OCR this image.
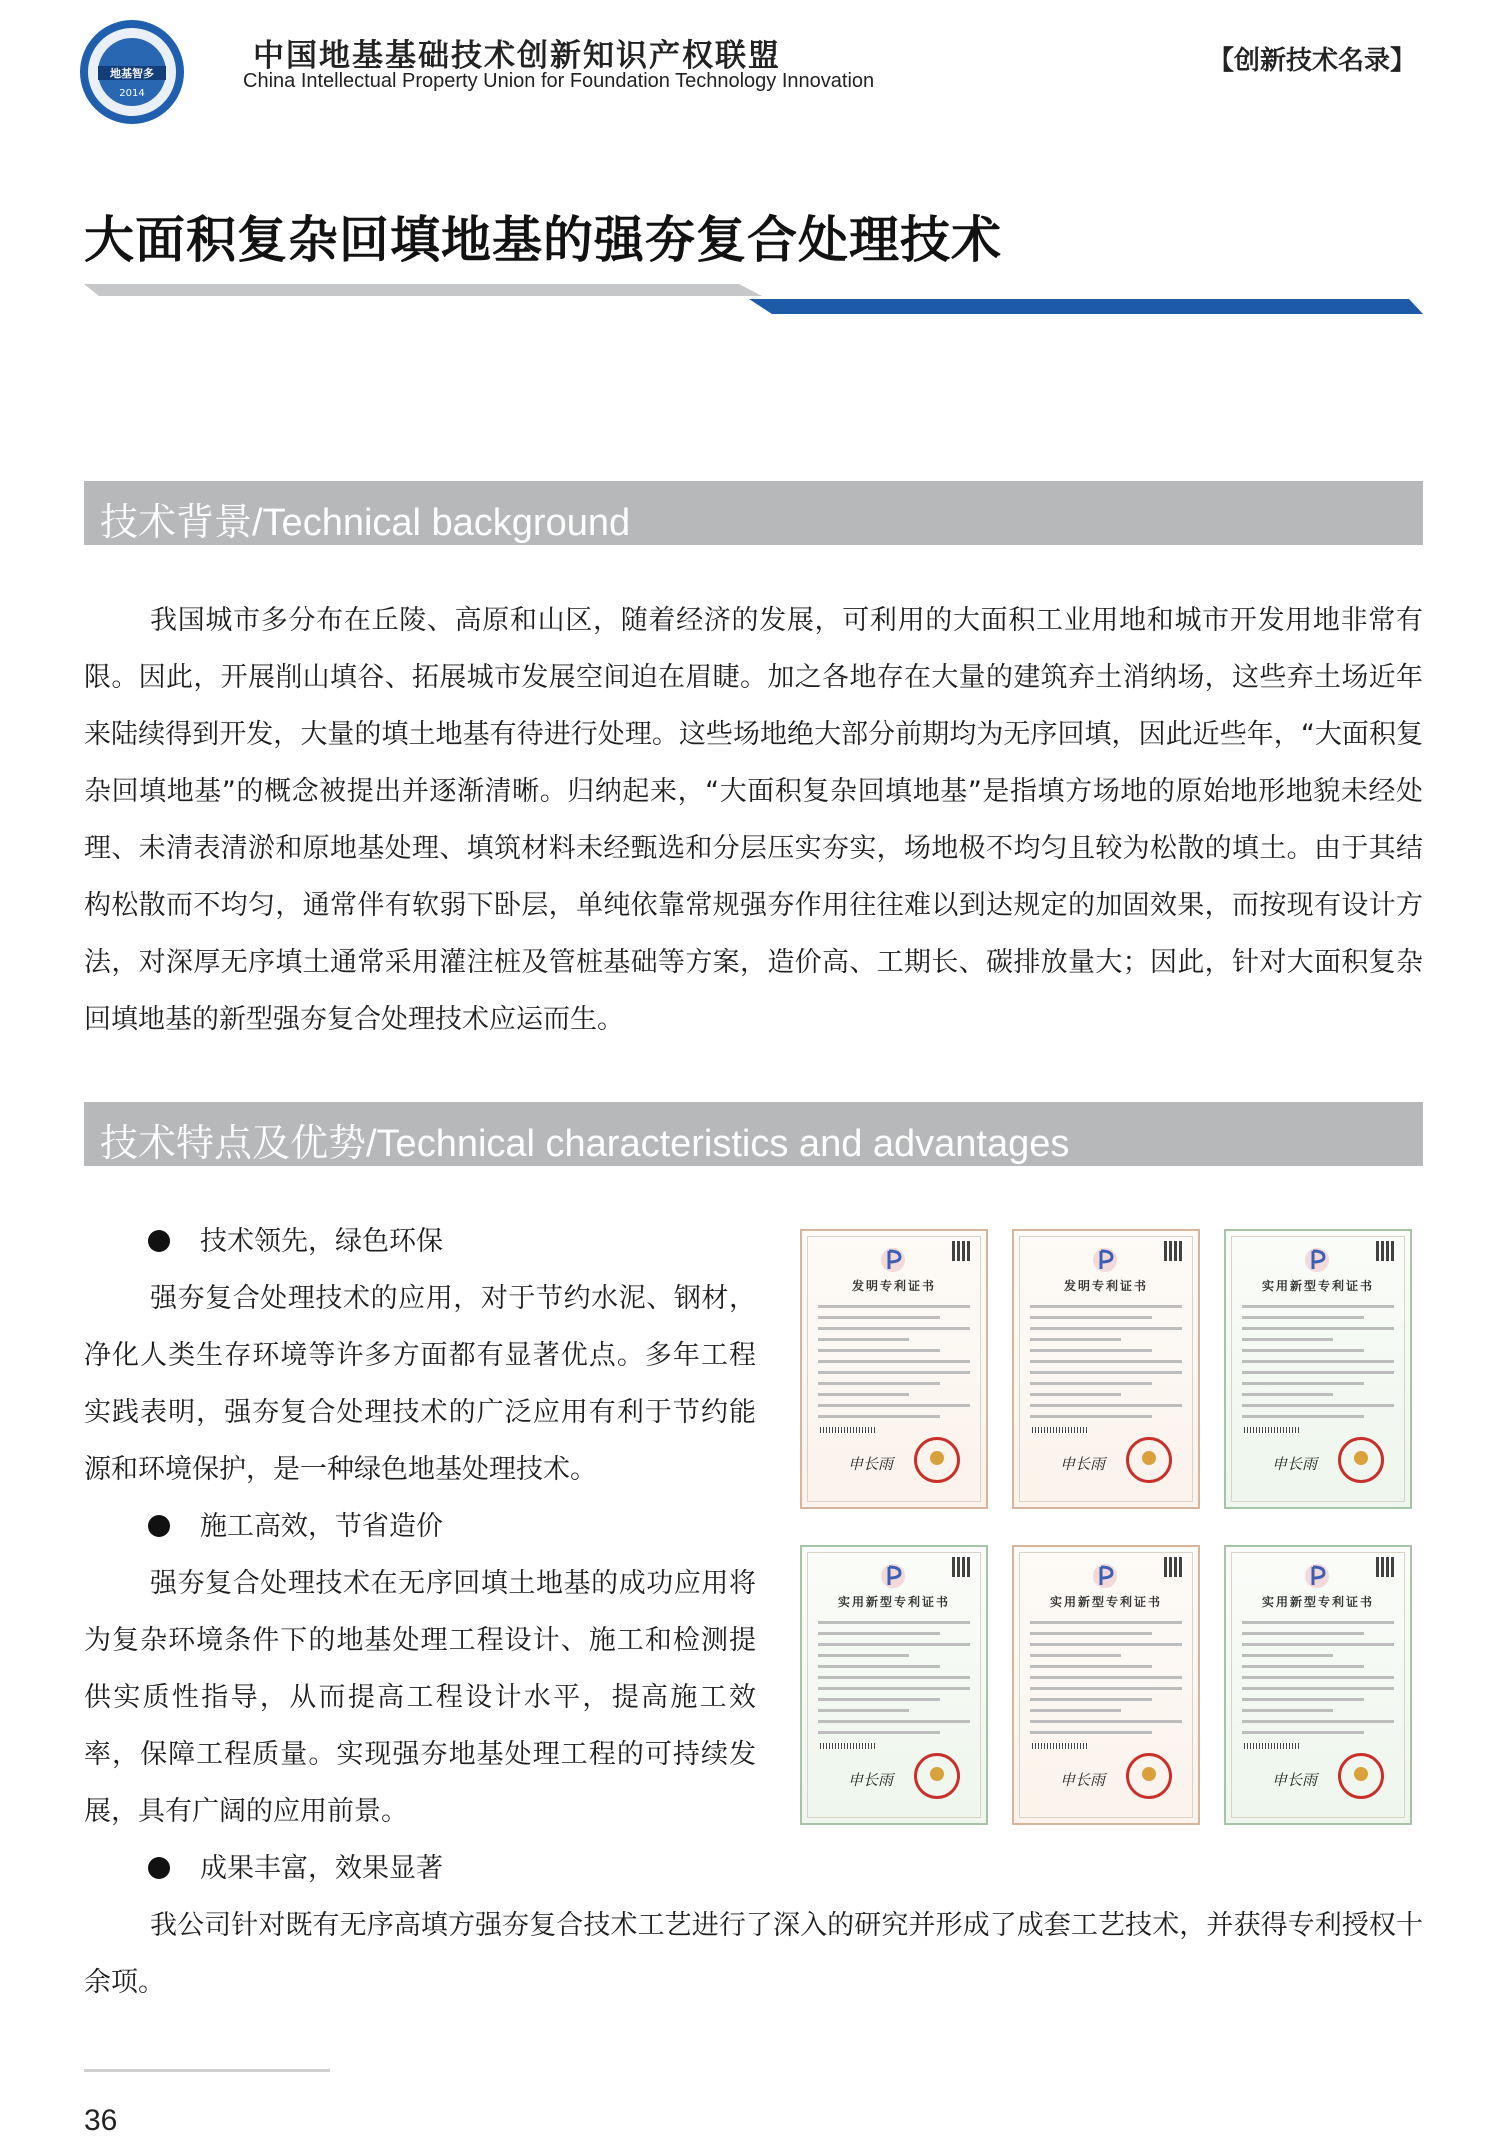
地基智多
2014
中国地基基础技术创新知识产权联盟
China Intellectual Property Union for Foundation Technology Innovation
【创新技术名录】
大面积复杂回填地基的强夯复合处理技术
技术背景/Technical background
我国城市多分布在丘陵、高原和山区，随着经济的发展，可利用的大面积工业用地和城市开发用地非常有限。因此，开展削山填谷、拓展城市发展空间迫在眉睫。加之各地存在大量的建筑弃土消纳场，这些弃土场近年来陆续得到开发，大量的填土地基有待进行处理。这些场地绝大部分前期均为无序回填，因此近些年，“大面积复杂回填地基”的概念被提出并逐渐清晰。归纳起来，“大面积复杂回填地基”是指填方场地的原始地形地貌未经处理、未清表清淤和原地基处理、填筑材料未经甄选和分层压实夯实，场地极不均匀且较为松散的填土。由于其结构松散而不均匀，通常伴有软弱下卧层，单纯依靠常规强夯作用往往难以到达规定的加固效果，而按现有设计方法，对深厚无序填土通常采用灌注桩及管桩基础等方案，造价高、工期长、碳排放量大；因此，针对大面积复杂回填地基的新型强夯复合处理技术应运而生。
技术特点及优势/Technical characteristics and advantages
技术领先，绿色环保
强夯复合处理技术的应用，对于节约水泥、钢材，净化人类生存环境等许多方面都有显著优点。多年工程实践表明，强夯复合处理技术的广泛应用有利于节约能源和环境保护，是一种绿色地基处理技术。
施工高效，节省造价
强夯复合处理技术在无序回填土地基的成功应用将为复杂环境条件下的地基处理工程设计、施工和检测提供实质性指导，从而提高工程设计水平，提高施工效率，保障工程质量。实现强夯地基处理工程的可持续发展，具有广阔的应用前景。
成果丰富，效果显著
我公司针对既有无序高填方强夯复合技术工艺进行了深入的研究并形成了成套工艺技术，并获得专利授权十余项。
发明专利证书
申长雨
发明专利证书
申长雨
实用新型专利证书
申长雨
实用新型专利证书
申长雨
实用新型专利证书
申长雨
实用新型专利证书
申长雨
36
